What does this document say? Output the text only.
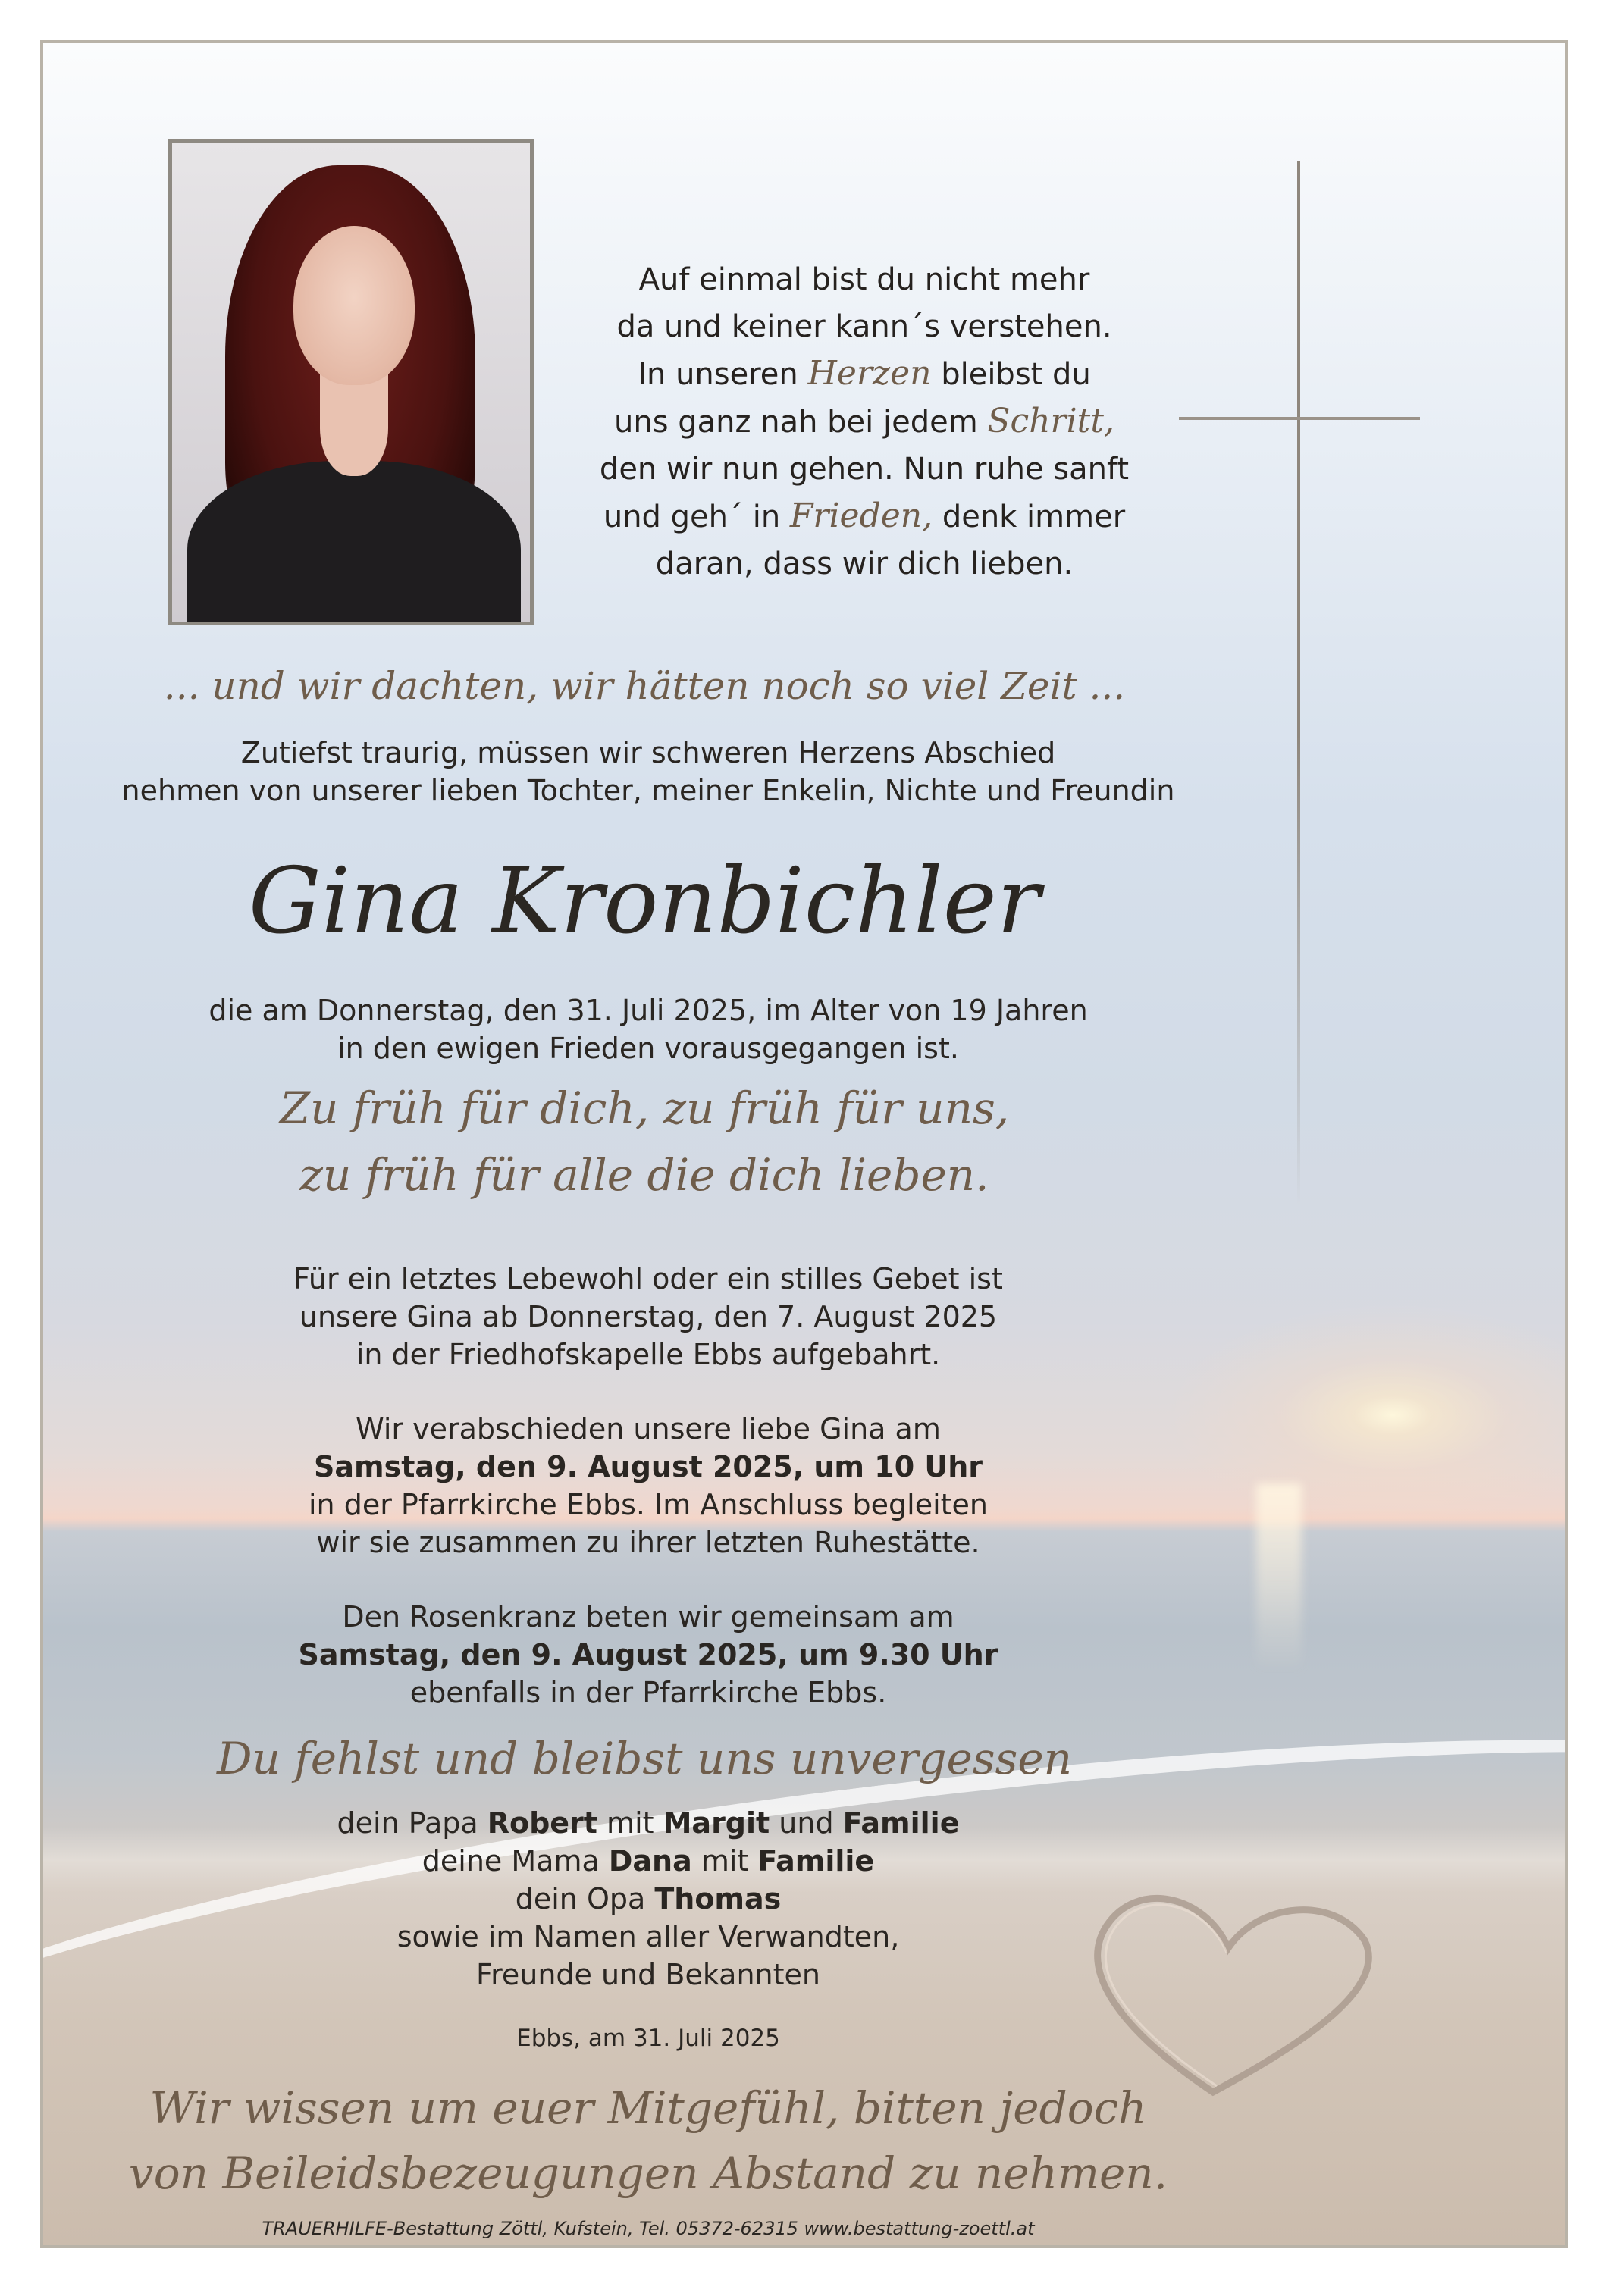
Auf einmal bist du nicht mehr
da und keiner kann´s verstehen.
In unseren Herzen bleibst du
uns ganz nah bei jedem Schritt,
den wir nun gehen. Nun ruhe sanft
und geh´ in Frieden, denk immer
daran, dass wir dich lieben.
... und wir dachten, wir hätten noch so viel Zeit ...
Zutiefst traurig, müssen wir schweren Herzens Abschied
nehmen von unserer lieben Tochter, meiner Enkelin, Nichte und Freundin
Gina Kronbichler
die am Donnerstag, den 31. Juli 2025, im Alter von 19 Jahren
in den ewigen Frieden vorausgegangen ist.
Zu früh für dich, zu früh für uns,
zu früh für alle die dich lieben.
Für ein letztes Lebewohl oder ein stilles Gebet ist
unsere Gina ab Donnerstag, den 7. August 2025
in der Friedhofskapelle Ebbs aufgebahrt.
Wir verabschieden unsere liebe Gina am
Samstag, den 9. August 2025, um 10 Uhr
in der Pfarrkirche Ebbs. Im Anschluss begleiten
wir sie zusammen zu ihrer letzten Ruhestätte.
Den Rosenkranz beten wir gemeinsam am
Samstag, den 9. August 2025, um 9.30 Uhr
ebenfalls in der Pfarrkirche Ebbs.
Du fehlst und bleibst uns unvergessen
dein Papa Robert mit Margit und Familie
deine Mama Dana mit Familie
dein Opa Thomas
sowie im Namen aller Verwandten,
Freunde und Bekannten
Ebbs, am 31. Juli 2025
Wir wissen um euer Mitgefühl, bitten jedoch
von Beileidsbezeugungen Abstand zu nehmen.
TRAUERHILFE-Bestattung Zöttl, Kufstein, Tel. 05372-62315 www.bestattung-zoettl.at
